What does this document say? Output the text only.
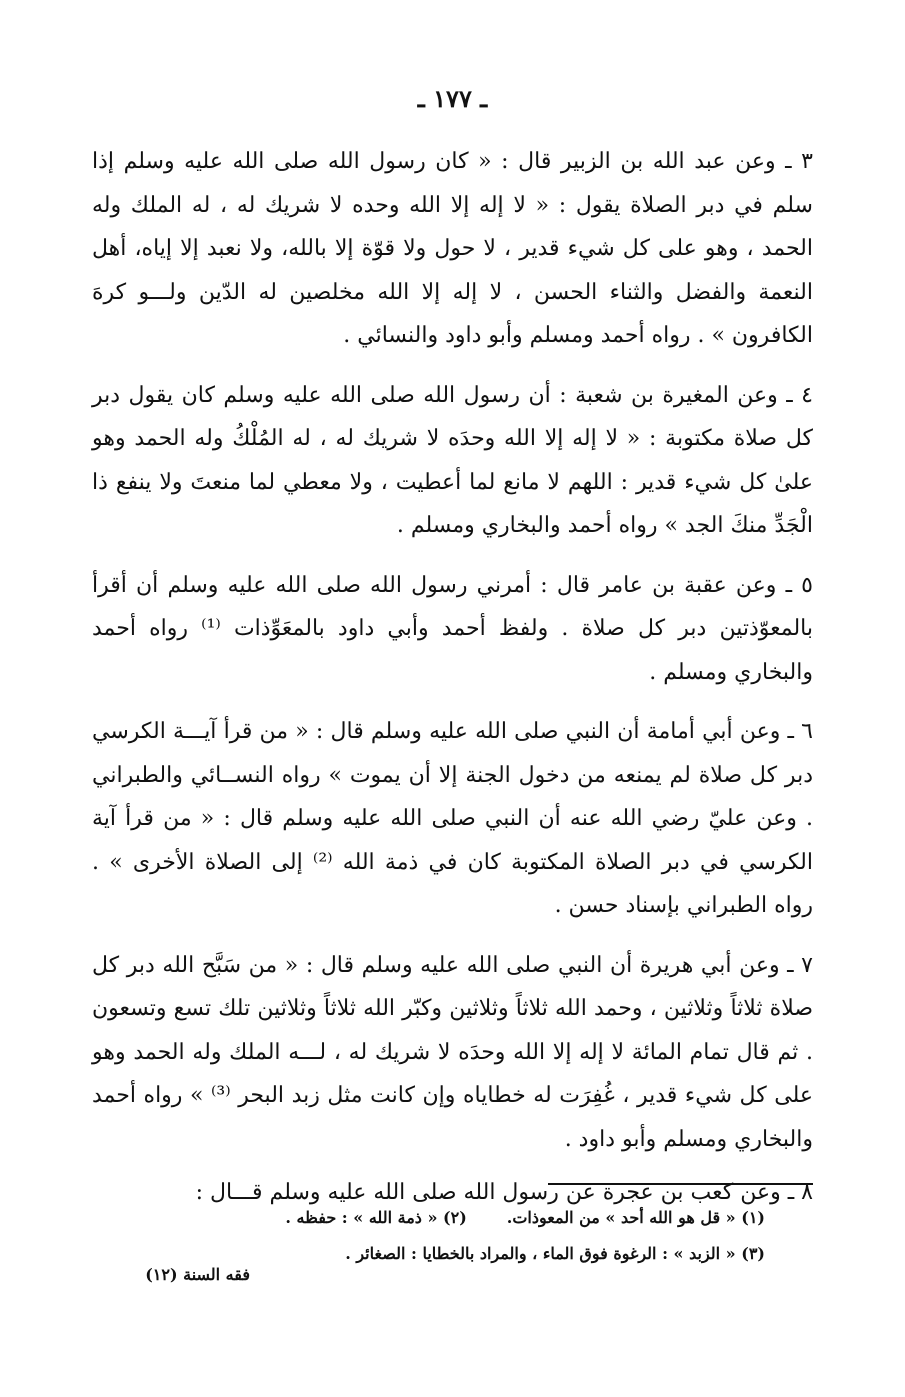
ـ ١٧٧ ـ

٣ ـ وعن عبد الله بن الزبير قال : « كان رسول الله صلى الله عليه وسلم إذا سلم في دبر الصلاة يقول : « لا إله إلا الله وحده لا شريك له ، له الملك وله الحمد ، وهو على كل شيء قدير ، لا حول ولا قوّة إلا بالله، ولا نعبد إلا إياه، أهل النعمة والفضل والثناء الحسن ، لا إله إلا الله مخلصين له الدّين ولـــو كرهَ الكافرون » . رواه أحمد ومسلم وأبو داود والنسائي .

٤ ـ وعن المغيرة بن شعبة : أن رسول الله صلى الله عليه وسلم كان يقول دبر كل صلاة مكتوبة : « لا إله إلا الله وحدَه لا شريك له ، له المُلْكُ وله الحمد وهو علىٰ كل شيء قدير : اللهم لا مانع لما أعطيت ، ولا معطي لما منعتَ ولا ينفع ذا الْجَدِّ منكَ الجد » رواه أحمد والبخاري ومسلم .

٥ ـ وعن عقبة بن عامر قال : أمرني رسول الله صلى الله عليه وسلم أن أقرأ بالمعوّذتين دبر كل صلاة . ولفظ أحمد وأبي داود بالمعَوِّذات ⁽¹⁾ رواه أحمد والبخاري ومسلم .

٦ ـ وعن أبي أمامة أن النبي صلى الله عليه وسلم قال : « من قرأ آيـــة الكرسي دبر كل صلاة لم يمنعه من دخول الجنة إلا أن يموت » رواه النســائي والطبراني . وعن عليّ رضي الله عنه أن النبي صلى الله عليه وسلم قال : « من قرأ آية الكرسي في دبر الصلاة المكتوبة كان في ذمة الله ⁽²⁾ إلى الصلاة الأخرى » . رواه الطبراني بإسناد حسن .

٧ ـ وعن أبي هريرة أن النبي صلى الله عليه وسلم قال : « من سَبَّح الله دبر كل صلاة ثلاثاً وثلاثين ، وحمد الله ثلاثاً وثلاثين وكبّر الله ثلاثاً وثلاثين تلك تسع وتسعون . ثم قال تمام المائة لا إله إلا الله وحدَه لا شريك له ، لـــه الملك وله الحمد وهو على كل شيء قدير ، غُفِرَت له خطاياه وإن كانت مثل زبد البحر ⁽³⁾ » رواه أحمد والبخاري ومسلم وأبو داود .

٨ ـ وعن كعب بن عجرة عن رسول الله صلى الله عليه وسلم قـــال :

(١) « قل هو الله أحد » من المعوذات.(٢) « ذمة الله » : حفظه .
(٣) « الزبد » : الرغوة فوق الماء ، والمراد بالخطايا : الصغائر .
فقه السنة (١٢)
